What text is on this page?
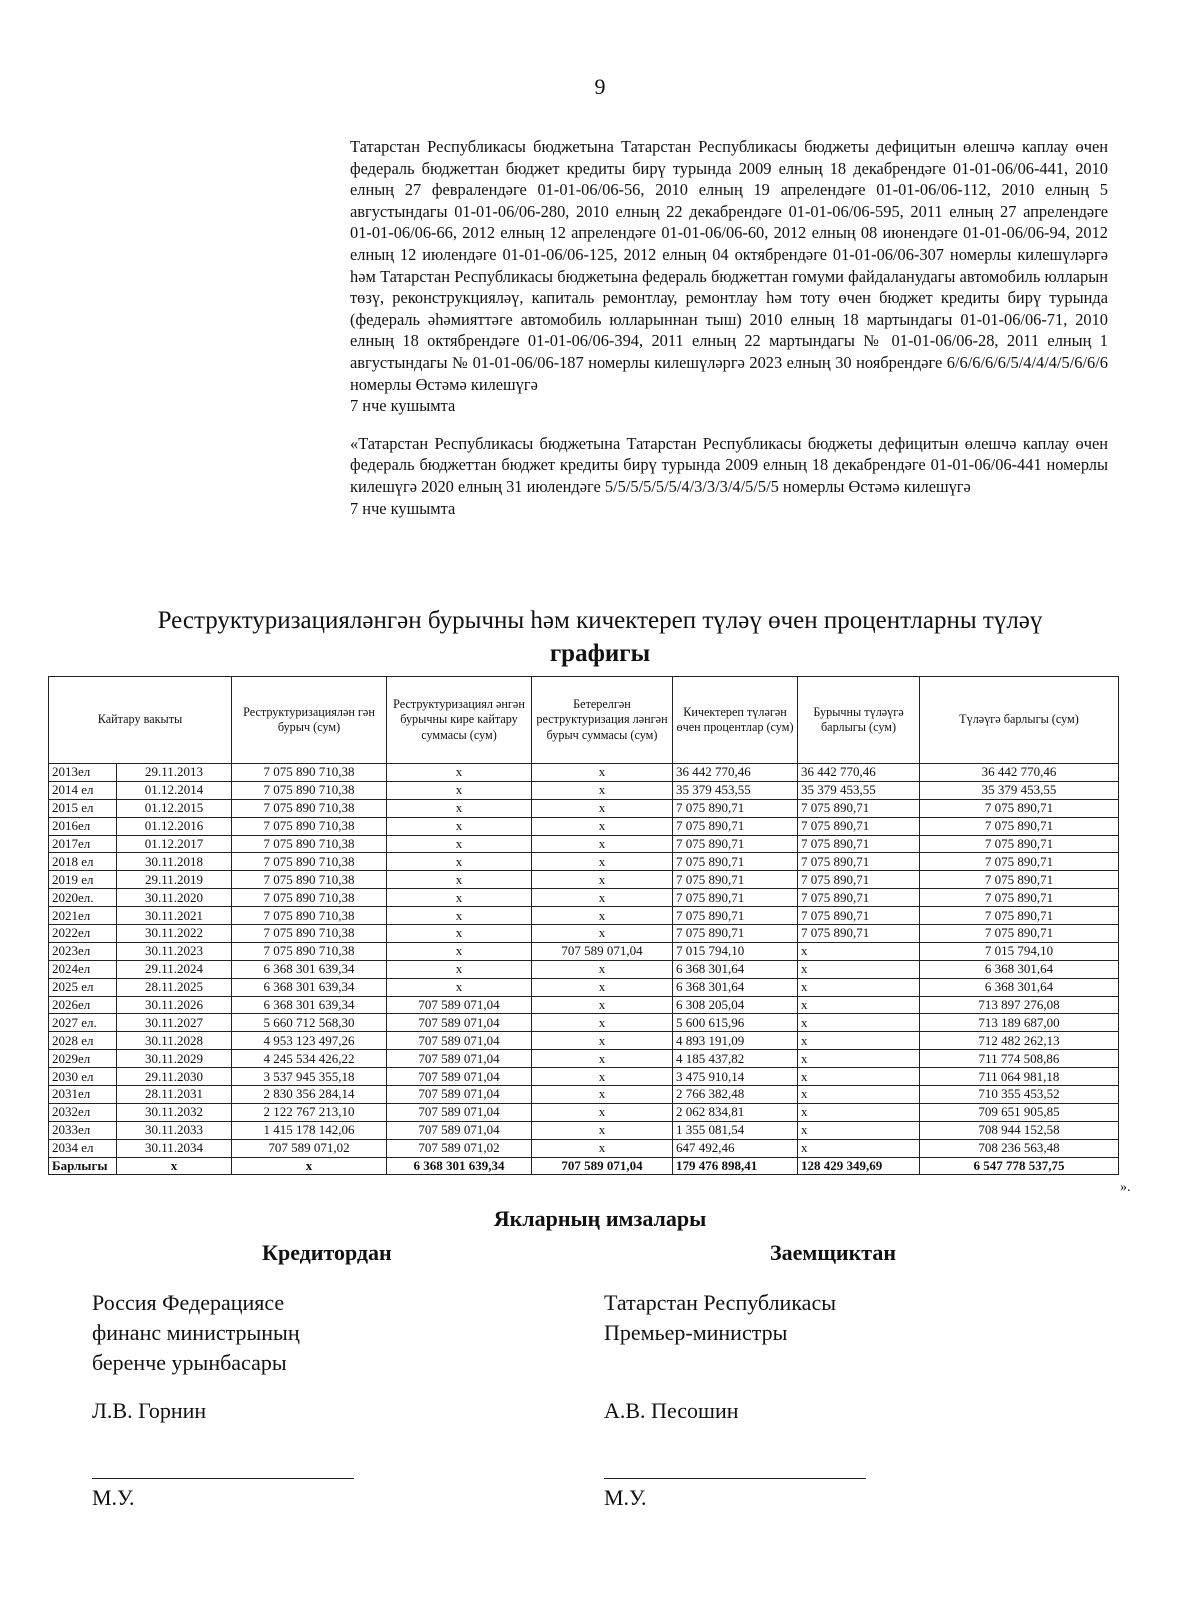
9

Татарстан Республикасы бюджетына Татарстан Республикасы бюджеты дефицитын өлешчә каплау өчен федераль бюджеттан бюджет кредиты бирү турында 2009 елның 18 декабрендәге 01-01-06/06-441, 2010 елның 27 февралендәге 01-01-06/06-56, 2010 елның 19 апрелендәге 01-01-06/06-112, 2010 елның 5 августындагы 01-01-06/06-280, 2010 елның 22 декабрендәге 01-01-06/06-595, 2011 елның 27 апрелендәге 01-01-06/06-66, 2012 елның 12 апрелендәге 01-01-06/06-60, 2012 елның 08 июнендәге 01-01-06/06-94, 2012 елның 12 июлендәге 01-01-06/06-125, 2012 елның 04 октябрендәге 01-01-06/06-307 номерлы килешүләргә һәм Татарстан Республикасы бюджетына федераль бюджеттан гомуми файдаланудагы автомобиль юлларын төзү, реконструкцияләү, капиталь ремонтлау, ремонтлау һәм тоту өчен бюджет кредиты бирү турында (федераль әһәмияттәге автомобиль юлларыннан тыш) 2010 елның 18 мартындагы 01-01-06/06-71, 2010 елның 18 октябрендәге 01-01-06/06-394, 2011 елның 22 мартындагы № 01-01-06/06-28, 2011 елның 1 августындагы № 01-01-06/06-187 номерлы килешүләргә 2023 елның 30 ноябрендәге 6/6/6/6/6/5/4/4/4/5/6/6/6 номерлы Өстәмә килешүгә

7 нче кушымта

«Татарстан Республикасы бюджетына Татарстан Республикасы бюджеты дефицитын өлешчә каплау өчен федераль бюджеттан бюджет кредиты бирү турында 2009 елның 18 декабрендәге 01-01-06/06-441 номерлы килешүгә 2020 елның 31 июлендәге 5/5/5/5/5/5/4/3/3/3/4/5/5/5 номерлы Өстәмә килешүгә

7 нче кушымта

Реструктуризацияләнгән бурычны һәм кичектереп түләү өчен процентларны түләү
графигы
Кайтару вакыты		Реструктуризациялән гән бурыч (сум)	Реструктуризациял әнгән бурычны кире кайтару суммасы (сум)	Бетерелгән реструктуризация ләнгән бурыч суммасы (сум)	Кичектереп түләгән өчен процентлар (сум)	Бурычны түләүгә барлыгы (сум)	Түләүгә барлыгы (сум)
2013ел	29.11.2013	7 075 890 710,38	x	x	36 442 770,46	36 442 770,46	36 442 770,46
2014 ел	01.12.2014	7 075 890 710,38	x	x	35 379 453,55	35 379 453,55	35 379 453,55
2015 ел	01.12.2015	7 075 890 710,38	x	x	7 075 890,71	7 075 890,71	7 075 890,71
2016ел	01.12.2016	7 075 890 710,38	x	x	7 075 890,71	7 075 890,71	7 075 890,71
2017ел	01.12.2017	7 075 890 710,38	x	x	7 075 890,71	7 075 890,71	7 075 890,71
2018 ел	30.11.2018	7 075 890 710,38	x	x	7 075 890,71	7 075 890,71	7 075 890,71
2019 ел	29.11.2019	7 075 890 710,38	x	x	7 075 890,71	7 075 890,71	7 075 890,71
2020ел.	30.11.2020	7 075 890 710,38	x	x	7 075 890,71	7 075 890,71	7 075 890,71
2021ел	30.11.2021	7 075 890 710,38	x	x	7 075 890,71	7 075 890,71	7 075 890,71
2022ел	30.11.2022	7 075 890 710,38	x	x	7 075 890,71	7 075 890,71	7 075 890,71
2023ел	30.11.2023	7 075 890 710,38	x	707 589 071,04	7 015 794,10	x	7 015 794,10
2024ел	29.11.2024	6 368 301 639,34	x	x	6 368 301,64	x	6 368 301,64
2025 ел	28.11.2025	6 368 301 639,34	x	x	6 368 301,64	x	6 368 301,64
2026ел	30.11.2026	6 368 301 639,34	707 589 071,04	x	6 308 205,04	x	713 897 276,08
2027 ел.	30.11.2027	5 660 712 568,30	707 589 071,04	x	5 600 615,96	x	713 189 687,00
2028 ел	30.11.2028	4 953 123 497,26	707 589 071,04	x	4 893 191,09	x	712 482 262,13
2029ел	30.11.2029	4 245 534 426,22	707 589 071,04	x	4 185 437,82	x	711 774 508,86
2030 ел	29.11.2030	3 537 945 355,18	707 589 071,04	x	3 475 910,14	x	711 064 981,18
2031ел	28.11.2031	2 830 356 284,14	707 589 071,04	x	2 766 382,48	x	710 355 453,52
2032ел	30.11.2032	2 122 767 213,10	707 589 071,04	x	2 062 834,81	x	709 651 905,85
2033ел	30.11.2033	1 415 178 142,06	707 589 071,04	x	1 355 081,54	x	708 944 152,58
2034 ел	30.11.2034	707 589 071,02	707 589 071,02	x	647 492,46	x	708 236 563,48
Барлыгы	x	x	6 368 301 639,34	707 589 071,04	179 476 898,41	128 429 349,69	6 547 778 537,75
».
Якларның имзалары
Кредитордан	Заемщиктан
Россия Федерациясе
финанс министрының
беренче урынбасары
Татарстан Республикасы
Премьер-министры
Л.В. Горнин	А.В. Песошин
М.У.	М.У.
